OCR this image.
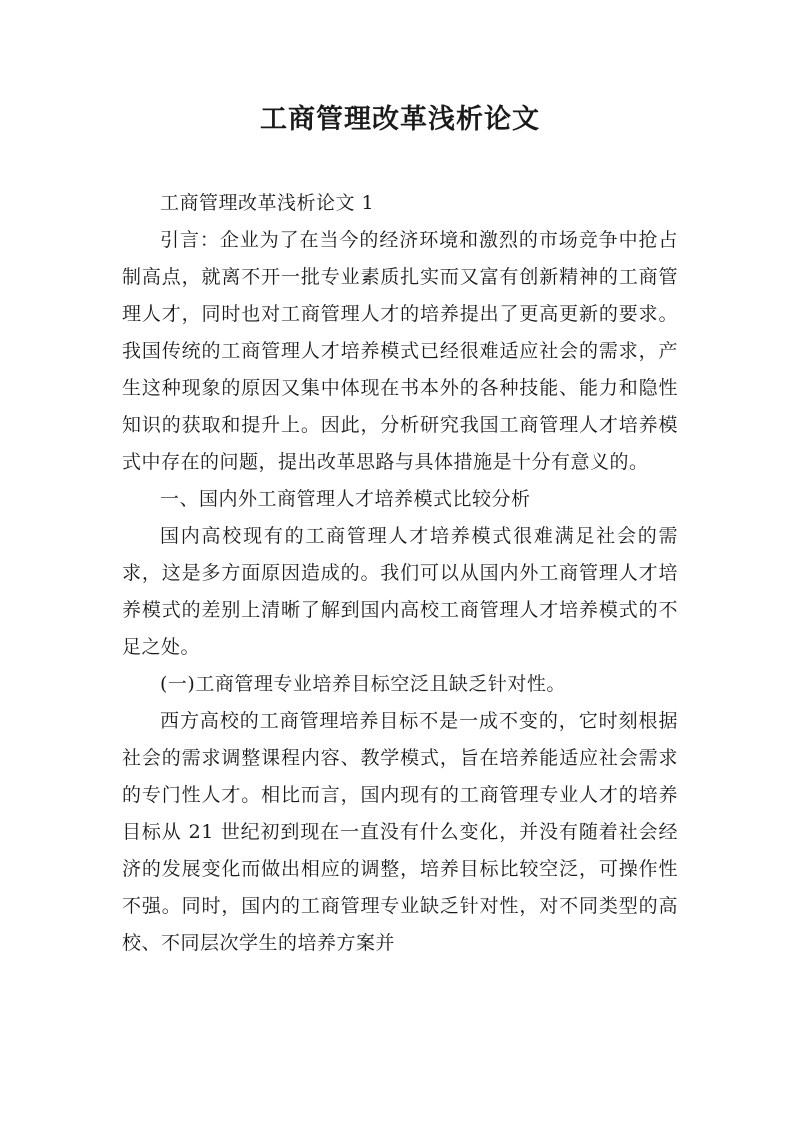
工商管理改革浅析论文

工商管理改革浅析论文 1

引言：企业为了在当今的经济环境和激烈的市场竞争中抢占制高点，就离不开一批专业素质扎实而又富有创新精神的工商管理人才，同时也对工商管理人才的培养提出了更高更新的要求。我国传统的工商管理人才培养模式已经很难适应社会的需求，产生这种现象的原因又集中体现在书本外的各种技能、能力和隐性知识的获取和提升上。因此，分析研究我国工商管理人才培养模式中存在的问题，提出改革思路与具体措施是十分有意义的。

一、国内外工商管理人才培养模式比较分析

国内高校现有的工商管理人才培养模式很难满足社会的需求，这是多方面原因造成的。我们可以从国内外工商管理人才培养模式的差别上清晰了解到国内高校工商管理人才培养模式的不足之处。

(一)工商管理专业培养目标空泛且缺乏针对性。

西方高校的工商管理培养目标不是一成不变的，它时刻根据社会的需求调整课程内容、教学模式，旨在培养能适应社会需求的专门性人才。相比而言，国内现有的工商管理专业人才的培养目标从 21 世纪初到现在一直没有什么变化，并没有随着社会经济的发展变化而做出相应的调整，培养目标比较空泛，可操作性不强。同时，国内的工商管理专业缺乏针对性，对不同类型的高校、不同层次学生的培养方案并
